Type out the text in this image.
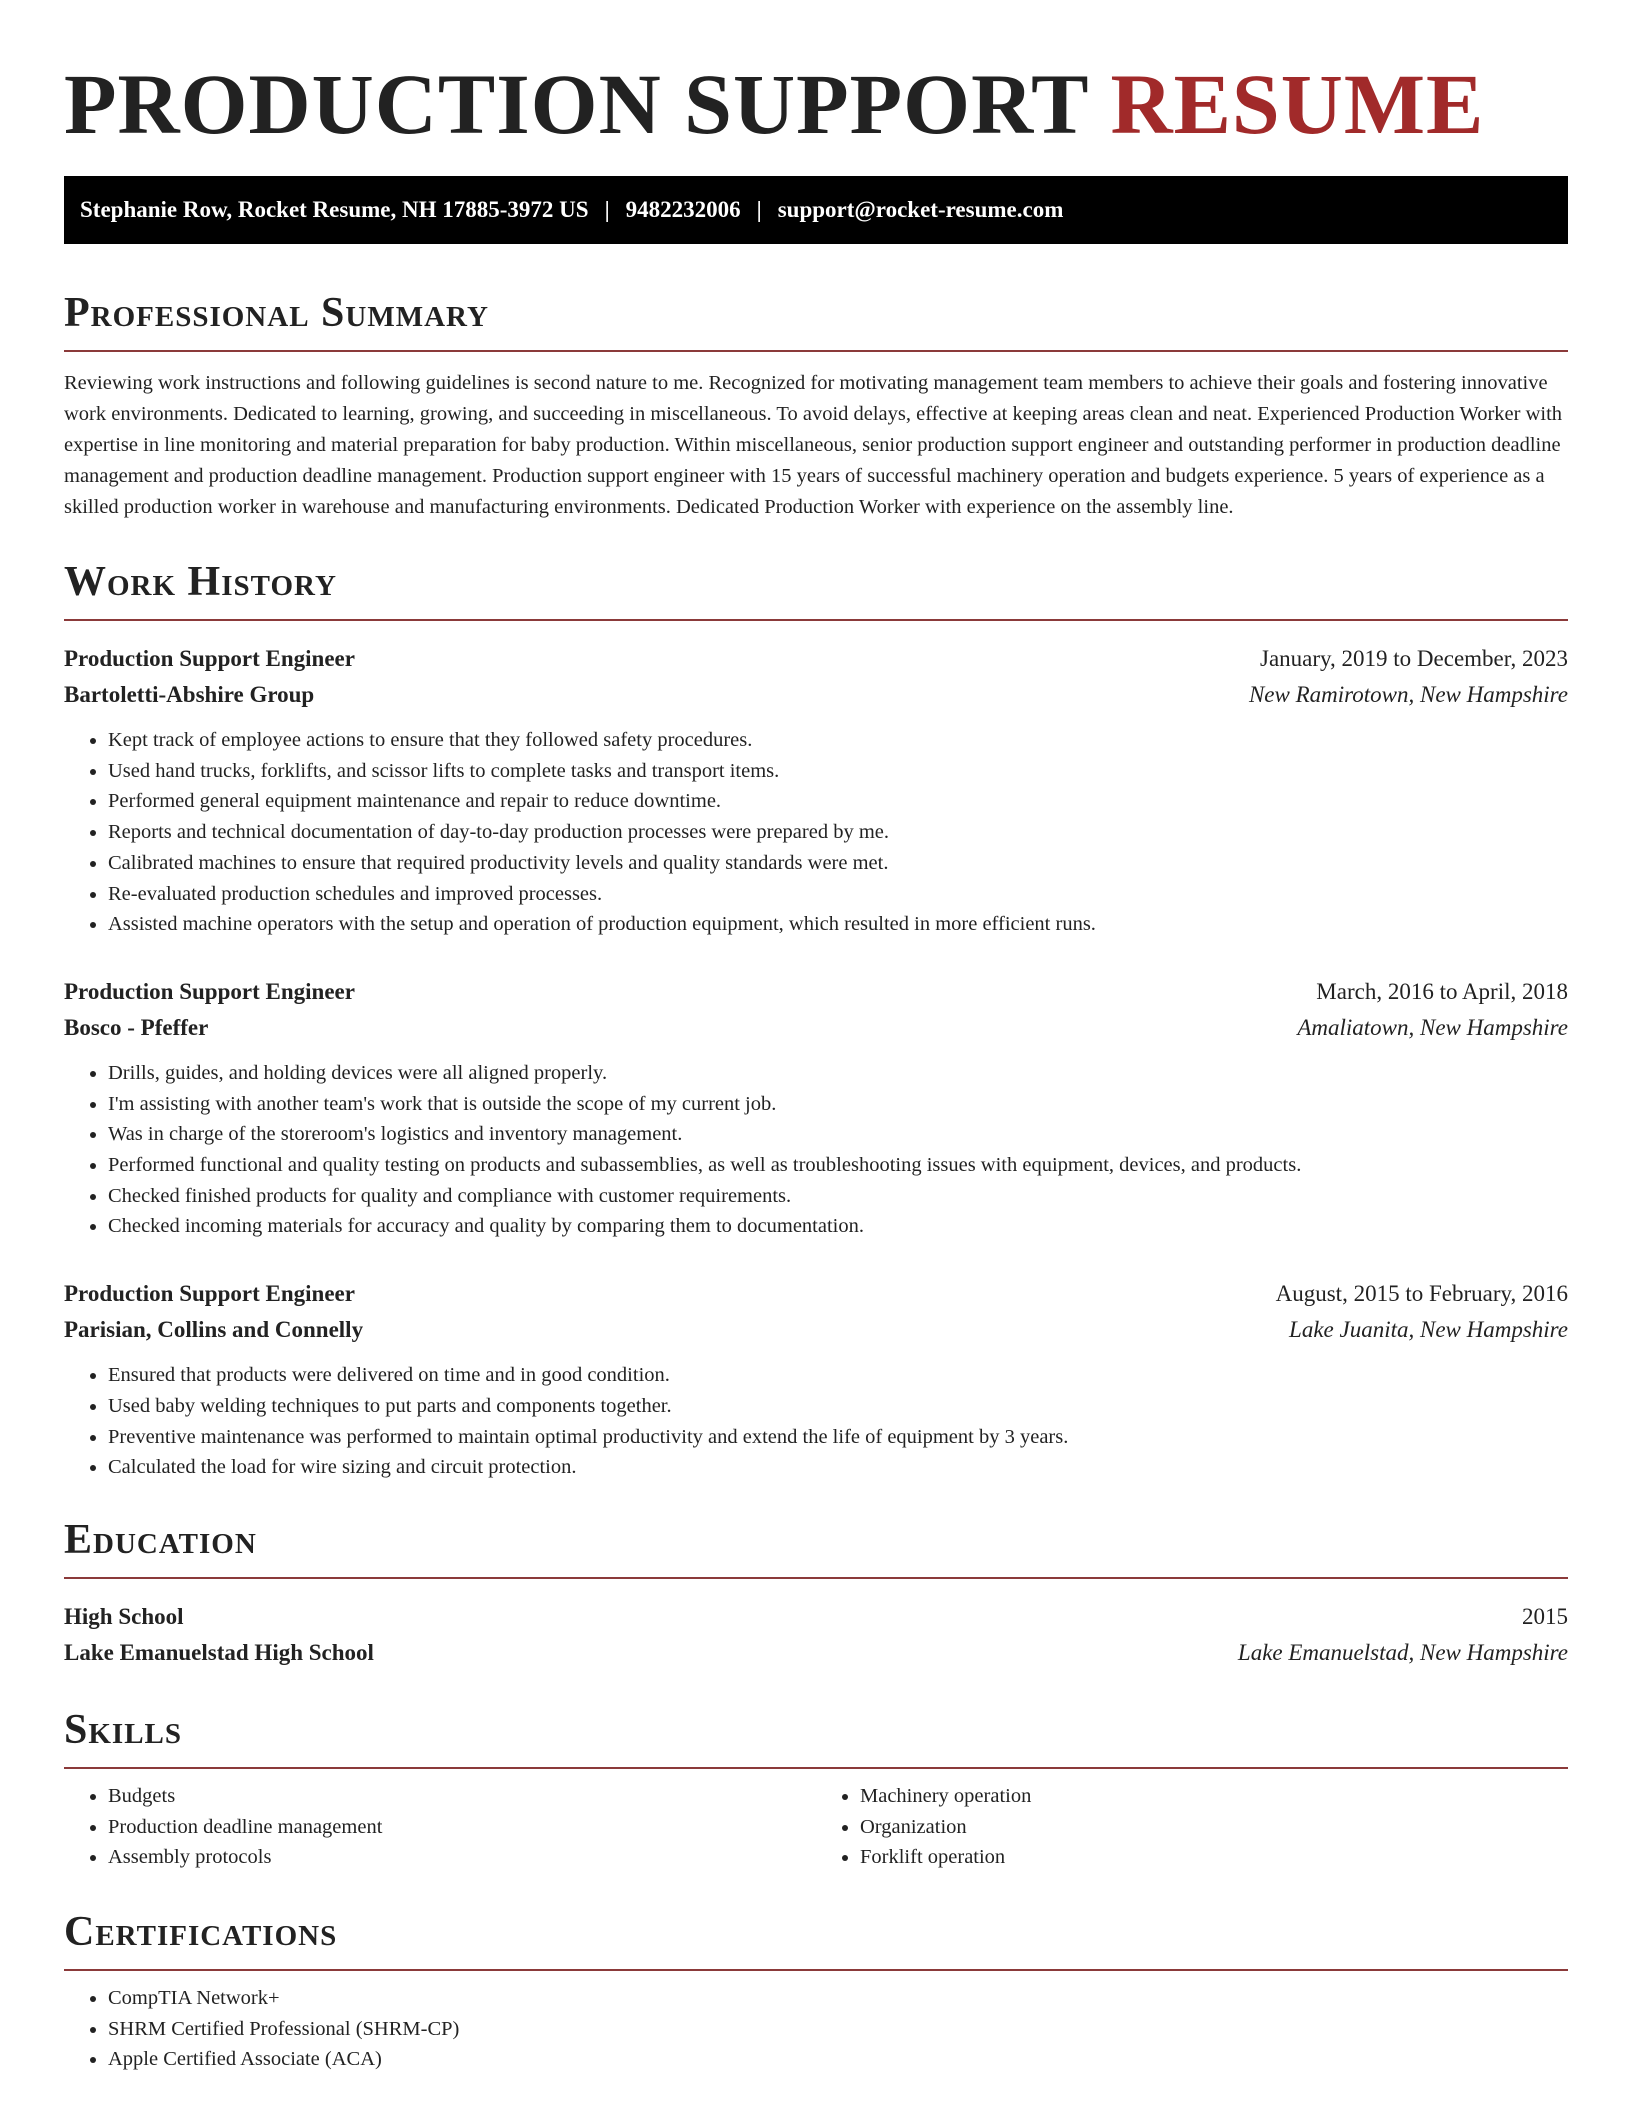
PRODUCTION SUPPORT RESUME
Stephanie Row, Rocket Resume, NH 17885-3972 US | 9482232006 | support@rocket-resume.com
Professional Summary

Reviewing work instructions and following guidelines is second nature to me. Recognized for motivating management team members to achieve their goals and fostering innovative work environments. Dedicated to learning, growing, and succeeding in miscellaneous. To avoid delays, effective at keeping areas clean and neat. Experienced Production Worker with expertise in line monitoring and material preparation for baby production. Within miscellaneous, senior production support engineer and outstanding performer in production deadline management and production deadline management. Production support engineer with 15 years of successful machinery operation and budgets experience. 5 years of experience as a skilled production worker in warehouse and manufacturing environments. Dedicated Production Worker with experience on the assembly line.

Work History
Production Support Engineer	January, 2019 to December, 2023
Bartoletti-Abshire Group	New Ramirotown, New Hampshire
• Kept track of employee actions to ensure that they followed safety procedures.
• Used hand trucks, forklifts, and scissor lifts to complete tasks and transport items.
• Performed general equipment maintenance and repair to reduce downtime.
• Reports and technical documentation of day-to-day production processes were prepared by me.
• Calibrated machines to ensure that required productivity levels and quality standards were met.
• Re-evaluated production schedules and improved processes.
• Assisted machine operators with the setup and operation of production equipment, which resulted in more efficient runs.
Production Support Engineer	March, 2016 to April, 2018
Bosco - Pfeffer	Amaliatown, New Hampshire
• Drills, guides, and holding devices were all aligned properly.
• I'm assisting with another team's work that is outside the scope of my current job.
• Was in charge of the storeroom's logistics and inventory management.
• Performed functional and quality testing on products and subassemblies, as well as troubleshooting issues with equipment, devices, and products.
• Checked finished products for quality and compliance with customer requirements.
• Checked incoming materials for accuracy and quality by comparing them to documentation.
Production Support Engineer	August, 2015 to February, 2016
Parisian, Collins and Connelly	Lake Juanita, New Hampshire
• Ensured that products were delivered on time and in good condition.
• Used baby welding techniques to put parts and components together.
• Preventive maintenance was performed to maintain optimal productivity and extend the life of equipment by 3 years.
• Calculated the load for wire sizing and circuit protection.
Education
High School	2015
Lake Emanuelstad High School	Lake Emanuelstad, New Hampshire
Skills
• Budgets
• Production deadline management
• Assembly protocols
• Machinery operation
• Organization
• Forklift operation
Certifications
• CompTIA Network+
• SHRM Certified Professional (SHRM-CP)
• Apple Certified Associate (ACA)
